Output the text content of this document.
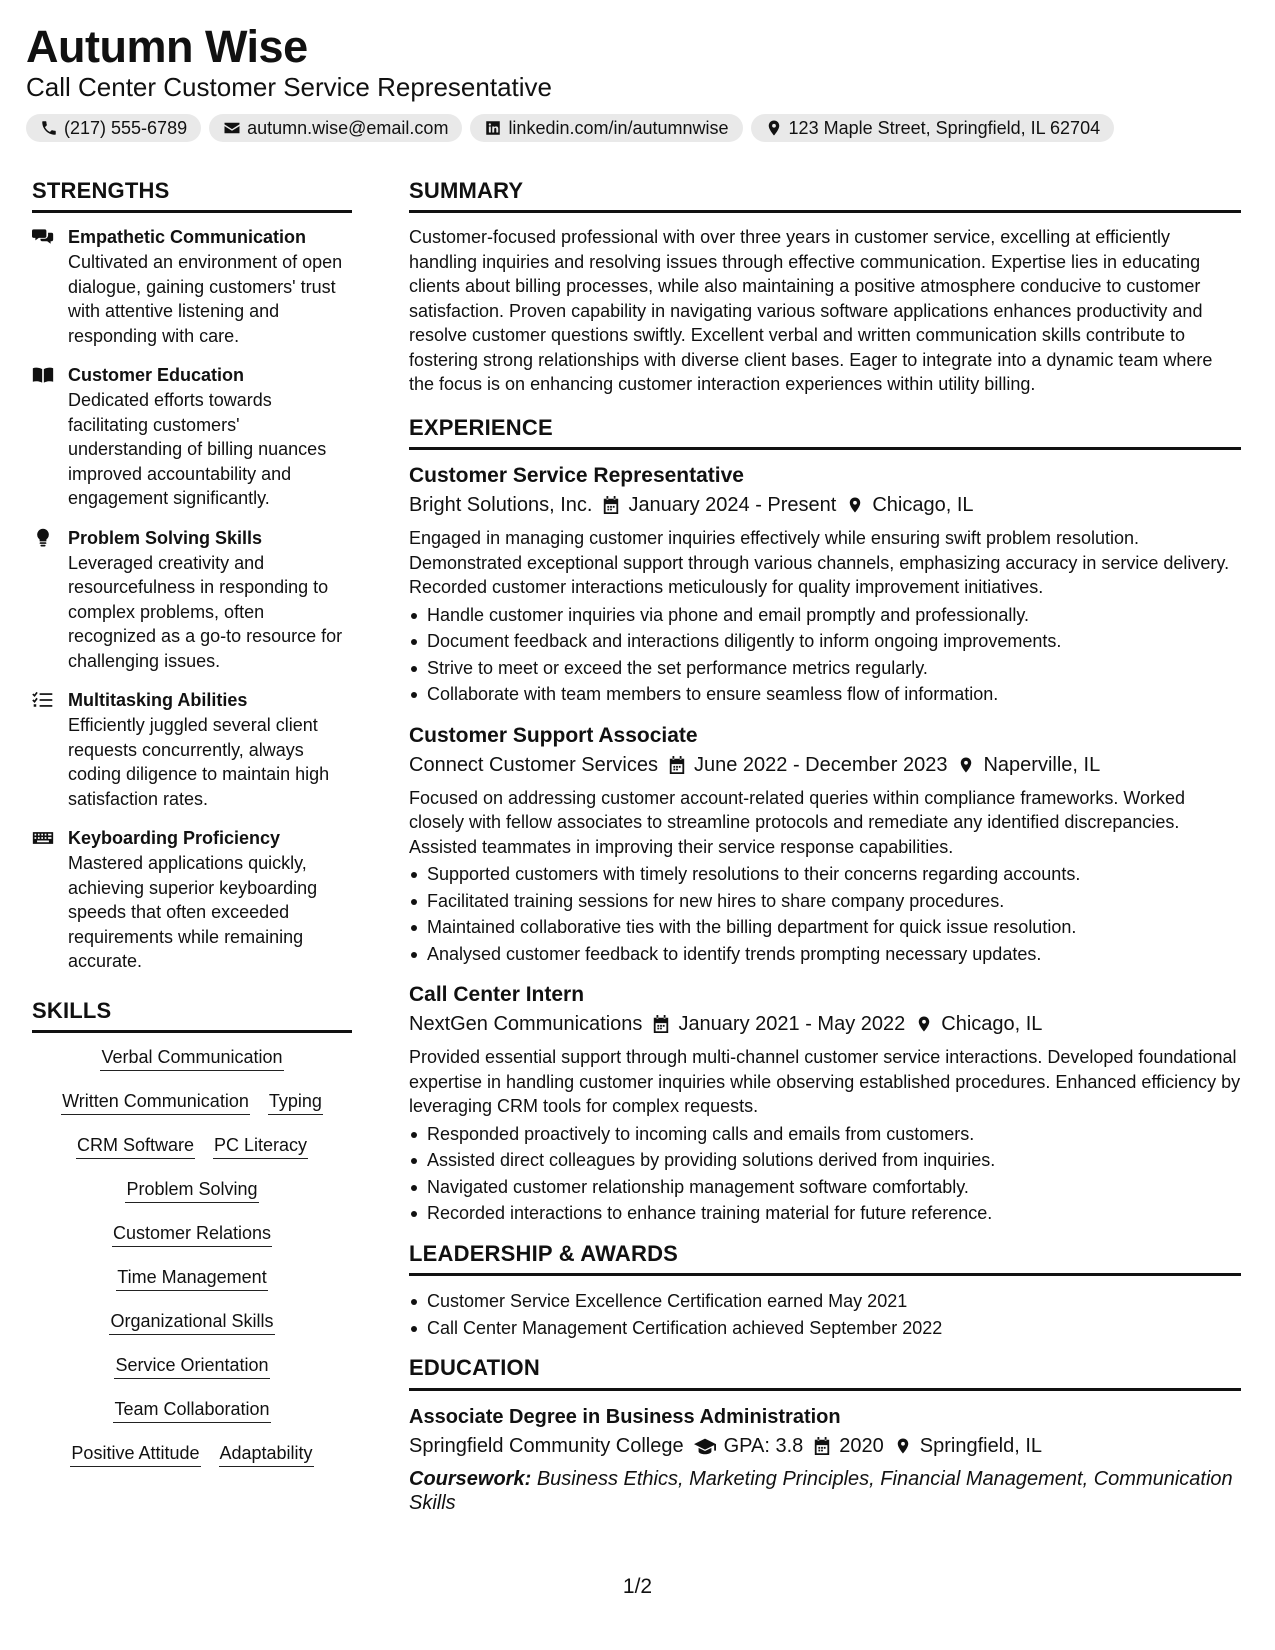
Autumn Wise
Call Center Customer Service Representative
(217) 555-6789	autumn.wise@email.com	linkedin.com/in/autumnwise	123 Maple Street, Springfield, IL 62704
STRENGTHS
Empathetic Communication
Cultivated an environment of open dialogue, gaining customers' trust with attentive listening and responding with care.
Customer Education
Dedicated efforts towards facilitating customers' understanding of billing nuances improved accountability and engagement significantly.
Problem Solving Skills
Leveraged creativity and resourcefulness in responding to complex problems, often recognized as a go-to resource for challenging issues.
Multitasking Abilities
Efficiently juggled several client requests concurrently, always coding diligence to maintain high satisfaction rates.
Keyboarding Proficiency
Mastered applications quickly, achieving superior keyboarding speeds that often exceeded requirements while remaining accurate.
SKILLS
Verbal Communication
Written Communication Typing
CRM Software PC Literacy
Problem Solving
Customer Relations
Time Management
Organizational Skills
Service Orientation
Team Collaboration
Positive Attitude Adaptability
SUMMARY
Customer-focused professional with over three years in customer service, excelling at efficiently handling inquiries and resolving issues through effective communication. Expertise lies in educating clients about billing processes, while also maintaining a positive atmosphere conducive to customer satisfaction. Proven capability in navigating various software applications enhances productivity and resolve customer questions swiftly. Excellent verbal and written communication skills contribute to fostering strong relationships with diverse client bases. Eager to integrate into a dynamic team where the focus is on enhancing customer interaction experiences within utility billing.
EXPERIENCE
Customer Service Representative
Bright Solutions, Inc. January 2024 - Present Chicago, IL
Engaged in managing customer inquiries effectively while ensuring swift problem resolution. Demonstrated exceptional support through various channels, emphasizing accuracy in service delivery. Recorded customer interactions meticulously for quality improvement initiatives.
Handle customer inquiries via phone and email promptly and professionally.
Document feedback and interactions diligently to inform ongoing improvements.
Strive to meet or exceed the set performance metrics regularly.
Collaborate with team members to ensure seamless flow of information.
Customer Support Associate
Connect Customer Services June 2022 - December 2023 Naperville, IL
Focused on addressing customer account-related queries within compliance frameworks. Worked closely with fellow associates to streamline protocols and remediate any identified discrepancies. Assisted teammates in improving their service response capabilities.
Supported customers with timely resolutions to their concerns regarding accounts.
Facilitated training sessions for new hires to share company procedures.
Maintained collaborative ties with the billing department for quick issue resolution.
Analysed customer feedback to identify trends prompting necessary updates.
Call Center Intern
NextGen Communications January 2021 - May 2022 Chicago, IL
Provided essential support through multi-channel customer service interactions. Developed foundational expertise in handling customer inquiries while observing established procedures. Enhanced efficiency by leveraging CRM tools for complex requests.
Responded proactively to incoming calls and emails from customers.
Assisted direct colleagues by providing solutions derived from inquiries.
Navigated customer relationship management software comfortably.
Recorded interactions to enhance training material for future reference.
LEADERSHIP & AWARDS
Customer Service Excellence Certification earned May 2021
Call Center Management Certification achieved September 2022
EDUCATION
Associate Degree in Business Administration
Springfield Community College GPA: 3.8 2020 Springfield, IL
Coursework: Business Ethics, Marketing Principles, Financial Management, Communication Skills
1/2
